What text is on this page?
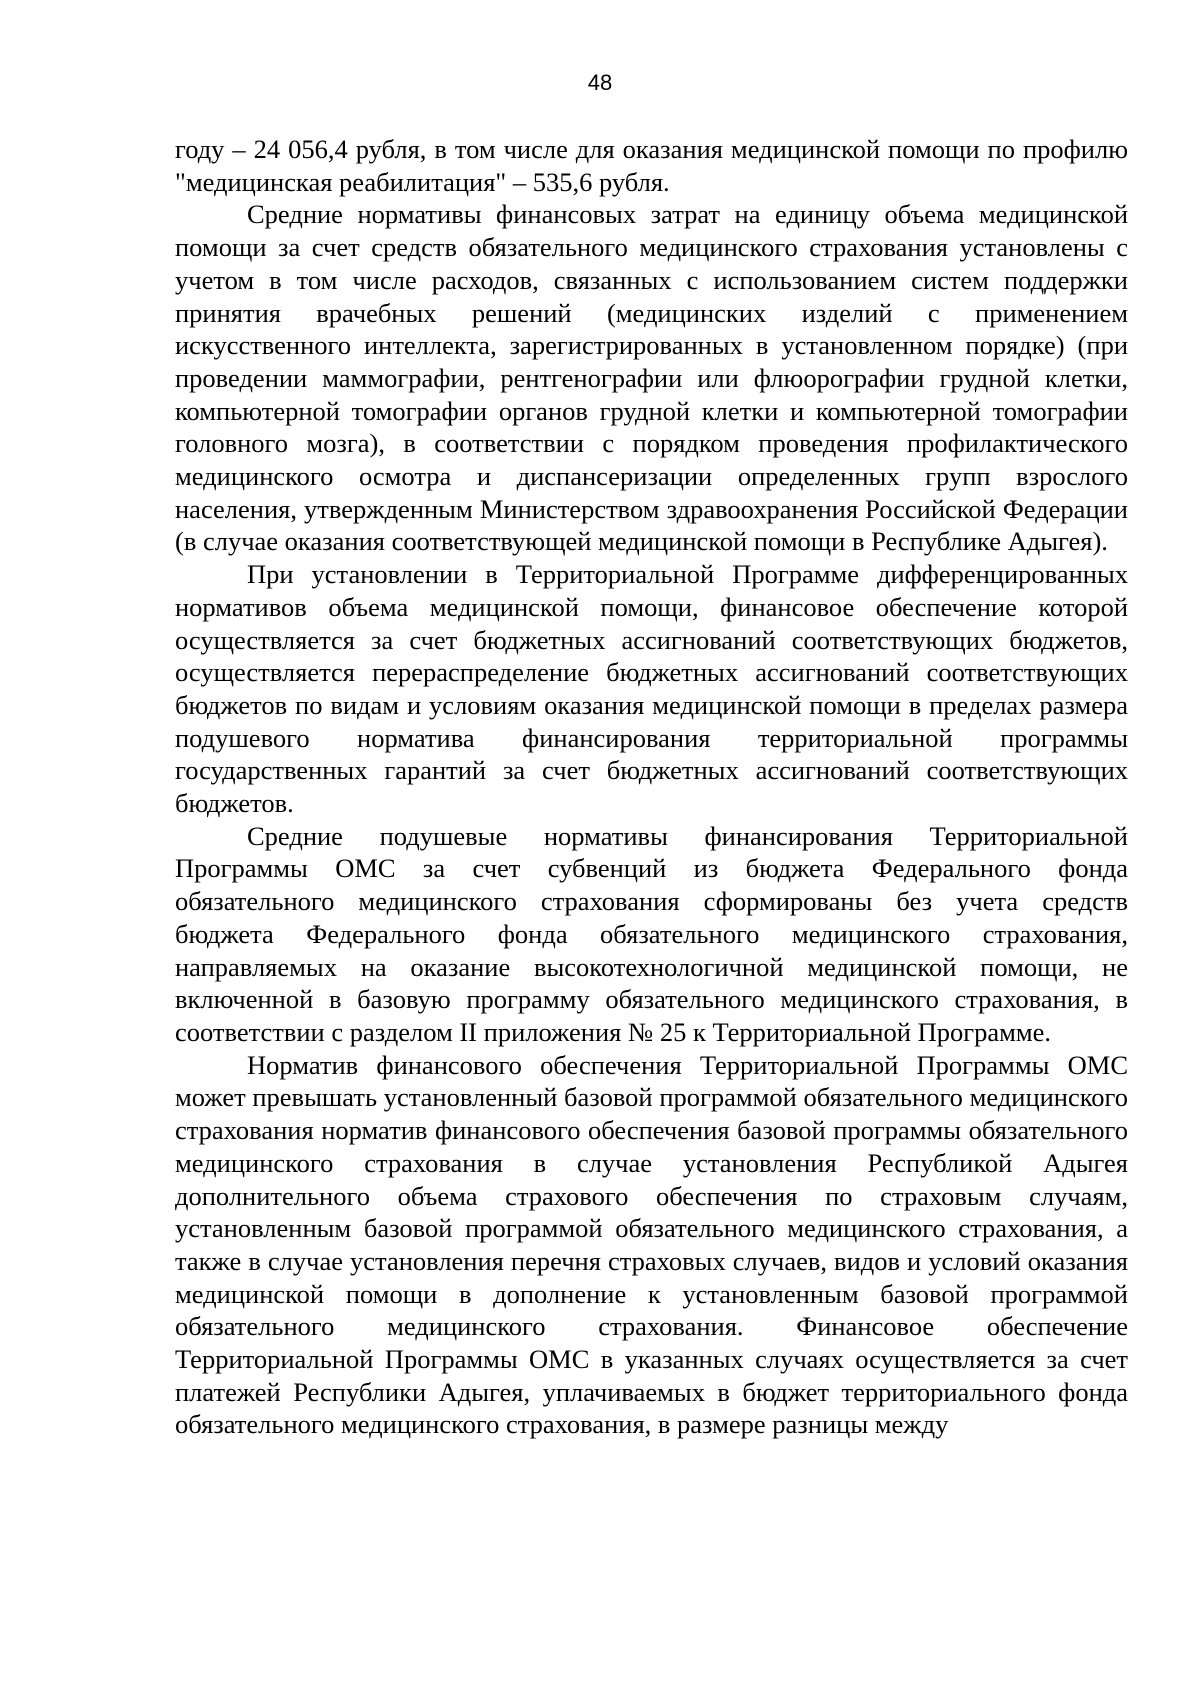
48

году – 24 056,4 рубля, в том числе для оказания медицинской помощи по профилю "медицинская реабилитация" – 535,6 рубля.

Средние нормативы финансовых затрат на единицу объема медицинской помощи за счет средств обязательного медицинского страхования установлены с учетом в том числе расходов, связанных с использованием систем поддержки принятия врачебных решений (медицинских изделий с применением искусственного интеллекта, зарегистрированных в установленном порядке) (при проведении маммографии, рентгенографии или флюорографии грудной клетки, компьютерной томографии органов грудной клетки и компьютерной томографии головного мозга), в соответствии с порядком проведения профилактического медицинского осмотра и диспансеризации определенных групп взрослого населения, утвержденным Министерством здравоохранения Российской Федерации (в случае оказания соответствующей медицинской помощи в Республике Адыгея).

При установлении в Территориальной Программе дифференцированных нормативов объема медицинской помощи, финансовое обеспечение которой осуществляется за счет бюджетных ассигнований соответствующих бюджетов, осуществляется перераспределение бюджетных ассигнований соответствующих бюджетов по видам и условиям оказания медицинской помощи в пределах размера подушевого норматива финансирования территориальной программы государственных гарантий за счет бюджетных ассигнований соответствующих бюджетов.

Средние подушевые нормативы финансирования Территориальной Программы ОМС за счет субвенций из бюджета Федерального фонда обязательного медицинского страхования сформированы без учета средств бюджета Федерального фонда обязательного медицинского страхования, направляемых на оказание высокотехнологичной медицинской помощи, не включенной в базовую программу обязательного медицинского страхования, в соответствии с разделом II приложения № 25 к Территориальной Программе.

Норматив финансового обеспечения Территориальной Программы ОМС может превышать установленный базовой программой обязательного медицинского страхования норматив финансового обеспечения базовой программы обязательного медицинского страхования в случае установления Республикой Адыгея дополнительного объема страхового обеспечения по страховым случаям, установленным базовой программой обязательного медицинского страхования, а также в случае установления перечня страховых случаев, видов и условий оказания медицинской помощи в дополнение к установленным базовой программой обязательного медицинского страхования. Финансовое обеспечение Территориальной Программы ОМС в указанных случаях осуществляется за счет платежей Республики Адыгея, уплачиваемых в бюджет территориального фонда обязательного медицинского страхования, в размере разницы между
